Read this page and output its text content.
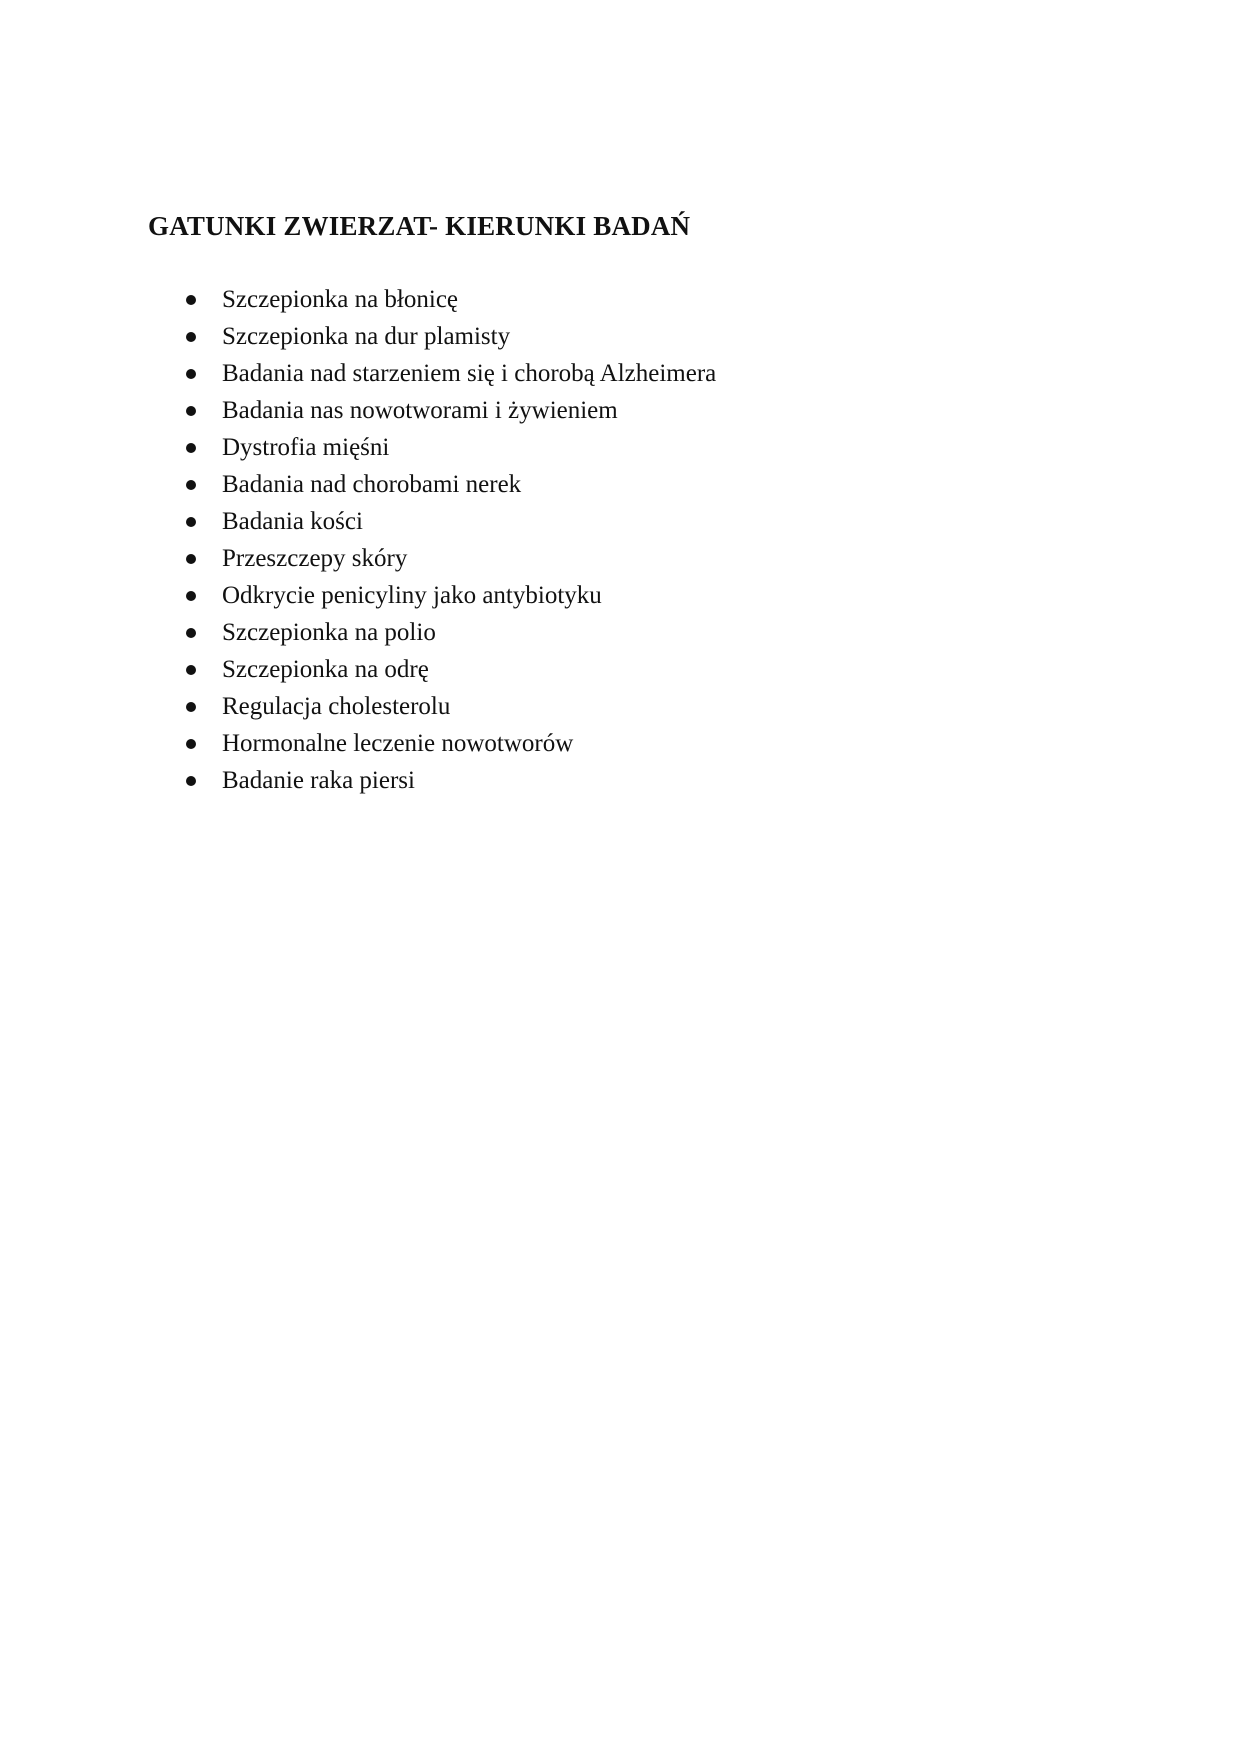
GATUNKI ZWIERZAT- KIERUNKI BADAŃ
Szczepionka na błonicę
Szczepionka na dur plamisty
Badania nad starzeniem się i chorobą Alzheimera
Badania nas nowotworami i żywieniem
Dystrofia mięśni
Badania nad chorobami nerek
Badania kości
Przeszczepy skóry
Odkrycie penicyliny jako antybiotyku
Szczepionka na polio
Szczepionka na odrę
Regulacja cholesterolu
Hormonalne leczenie nowotworów
Badanie raka piersi
